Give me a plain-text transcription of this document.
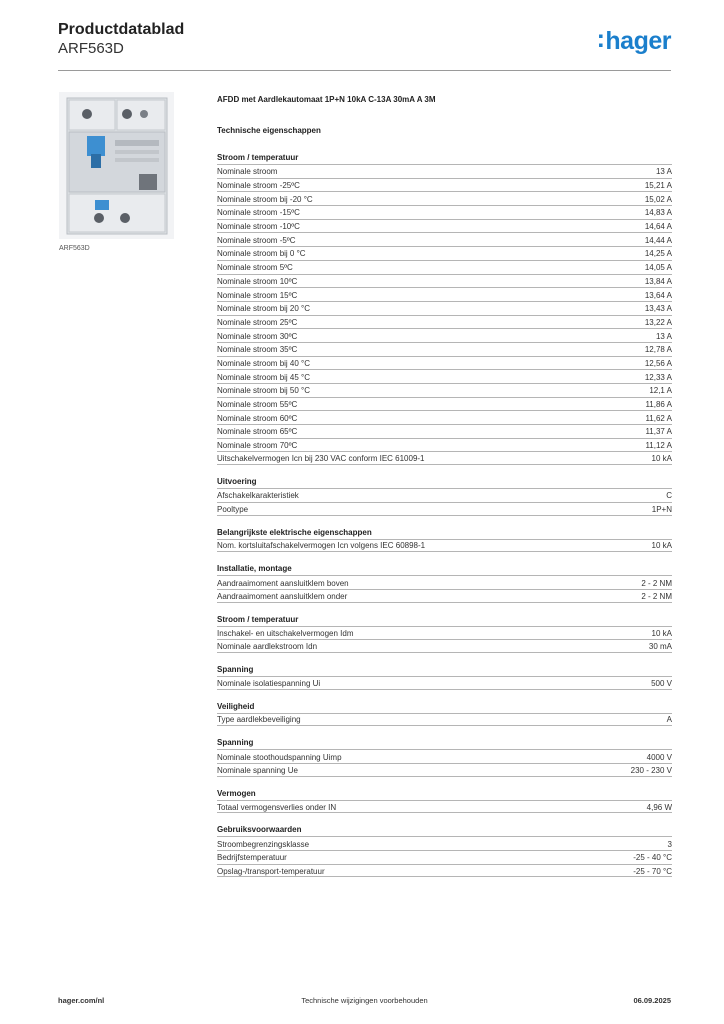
Productdatablad
ARF563D	:hager
ARF563D
AFDD met Aardlekautomaat 1P+N 10kA C-13A 30mA A 3M
Technische eigenschappen
Stroom / temperatuur
Nominale stroom	13 A
Nominale stroom -25ºC	15,21 A
Nominale stroom bij -20 °C	15,02 A
Nominale stroom -15ºC	14,83 A
Nominale stroom -10ºC	14,64 A
Nominale stroom -5ºC	14,44 A
Nominale stroom bij 0 °C	14,25 A
Nominale stroom 5ºC	14,05 A
Nominale stroom 10ºC	13,84 A
Nominale stroom 15ºC	13,64 A
Nominale stroom bij 20 °C	13,43 A
Nominale stroom 25ºC	13,22 A
Nominale stroom 30ºC	13 A
Nominale stroom 35ºC	12,78 A
Nominale stroom bij 40 °C	12,56 A
Nominale stroom bij 45 °C	12,33 A
Nominale stroom bij 50 °C	12,1 A
Nominale stroom 55ºC	11,86 A
Nominale stroom 60ºC	11,62 A
Nominale stroom 65ºC	11,37 A
Nominale stroom 70ºC	11,12 A
Uitschakelvermogen Icn bij 230 VAC conform IEC 61009-1	10 kA
Uitvoering
Afschakelkarakteristiek	C
Pooltype	1P+N
Belangrijkste elektrische eigenschappen
Nom. kortsluitafschakelvermogen Icn volgens IEC 60898-1	10 kA
Installatie, montage
Aandraaimoment aansluitklem boven	2 - 2 NM
Aandraaimoment aansluitklem onder	2 - 2 NM
Stroom / temperatuur
Inschakel- en uitschakelvermogen Idm	10 kA
Nominale aardlekstroom Idn	30 mA
Spanning
Nominale isolatiespanning Ui	500 V
Veiligheid
Type aardlekbeveiliging	A
Spanning
Nominale stoothoudspanning Uimp	4000 V
Nominale spanning Ue	230 - 230 V
Vermogen
Totaal vermogensverlies onder IN	4,96 W
Gebruiksvoorwaarden
Stroombegrenzingsklasse	3
Bedrijfstemperatuur	-25 - 40 °C
Opslag-/transport-temperatuur	-25 - 70 °C
hager.com/nl	Technische wijzigingen voorbehouden	06.09.2025
